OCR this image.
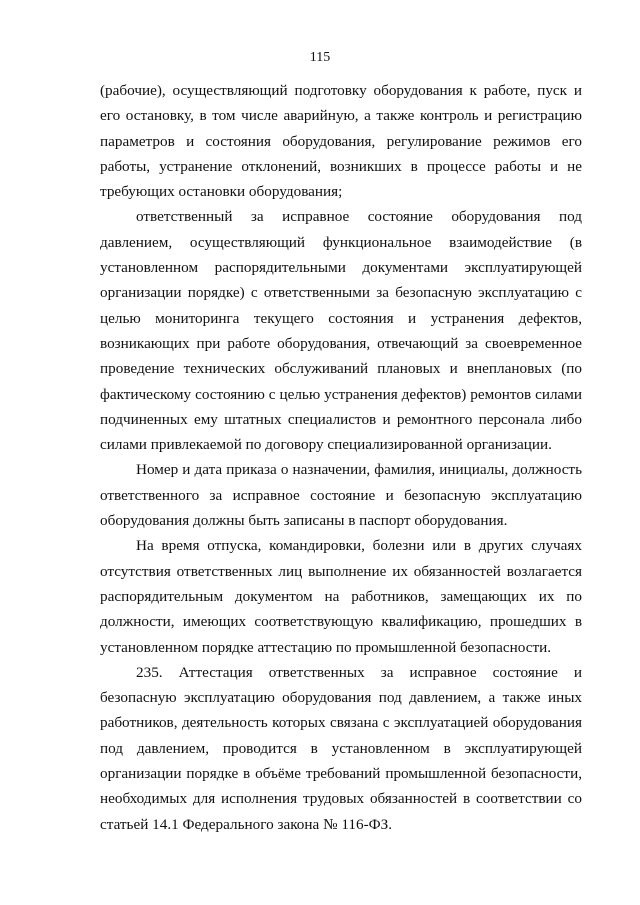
115

(рабочие), осуществляющий подготовку оборудования к работе, пуск и его остановку, в том числе аварийную, а также контроль и регистрацию параметров и состояния оборудования, регулирование режимов его работы, устранение отклонений, возникших в процессе работы и не требующих остановки оборудования;

ответственный за исправное состояние оборудования под давлением, осуществляющий функциональное взаимодействие (в установленном распорядительными документами эксплуатирующей организации порядке) с ответственными за безопасную эксплуатацию с целью мониторинга текущего состояния и устранения дефектов, возникающих при работе оборудования, отвечающий за своевременное проведение технических обслуживаний плановых и внеплановых (по фактическому состоянию с целью устранения дефектов) ремонтов силами подчиненных ему штатных специалистов и ремонтного персонала либо силами привлекаемой по договору специализированной организации.

Номер и дата приказа о назначении, фамилия, инициалы, должность ответственного за исправное состояние и безопасную эксплуатацию оборудования должны быть записаны в паспорт оборудования.

На время отпуска, командировки, болезни или в других случаях отсутствия ответственных лиц выполнение их обязанностей возлагается распорядительным документом на работников, замещающих их по должности, имеющих соответствующую квалификацию, прошедших в установленном порядке аттестацию по промышленной безопасности.

235. Аттестация ответственных за исправное состояние и безопасную эксплуатацию оборудования под давлением, а также иных работников, деятельность которых связана с эксплуатацией оборудования под давлением, проводится в установленном в эксплуатирующей организации порядке в объёме требований промышленной безопасности, необходимых для исполнения трудовых обязанностей в соответствии со статьей 14.1 Федерального закона № 116-ФЗ.
